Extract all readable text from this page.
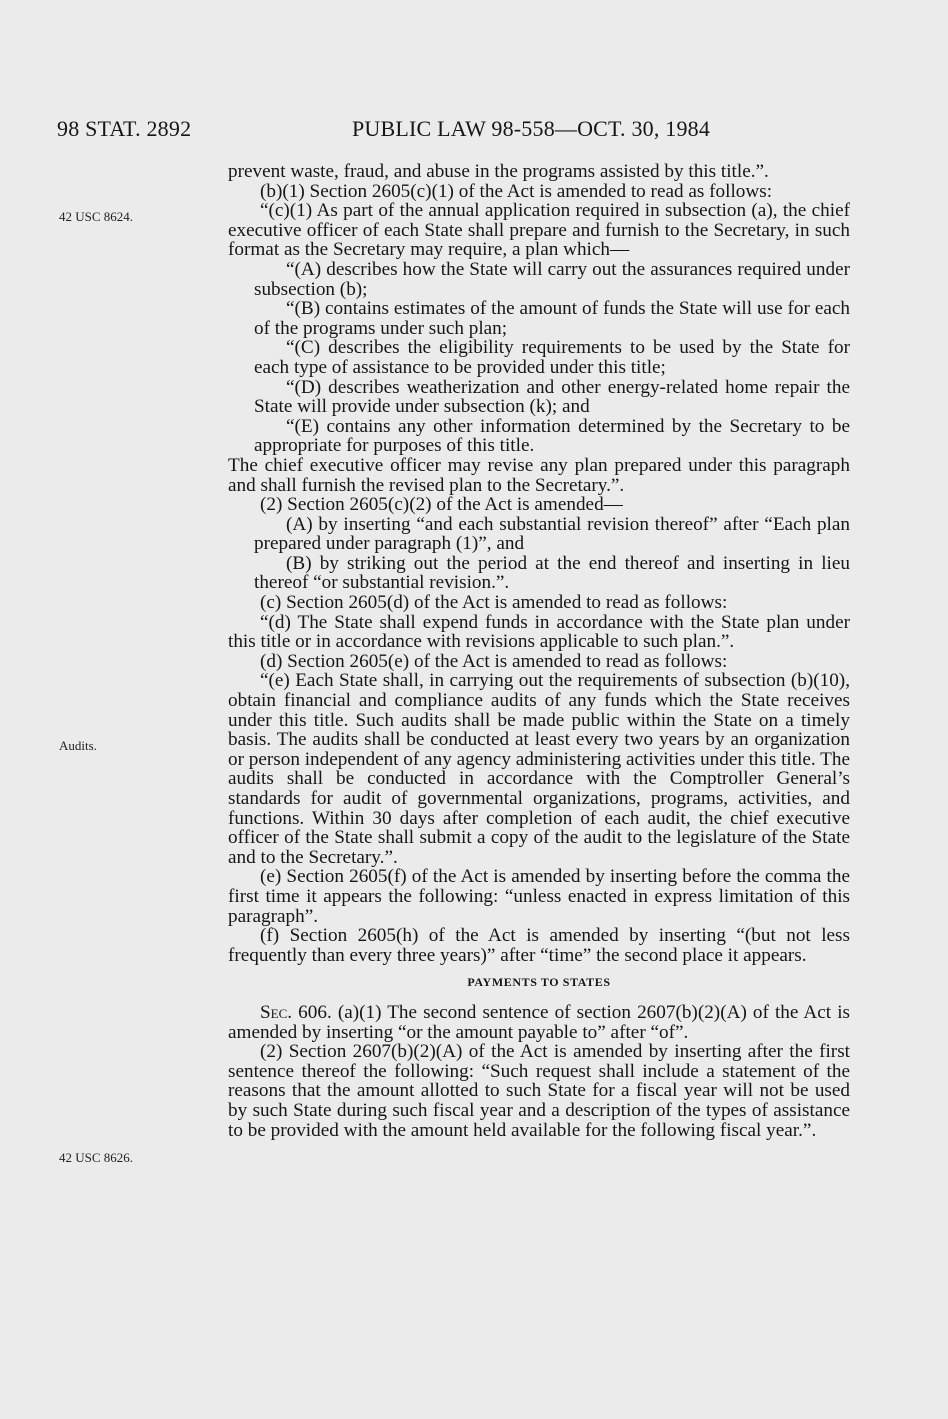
98 STAT. 2892	PUBLIC LAW 98-558—OCT. 30, 1984
42 USC 8624.
Audits.
42 USC 8626.

prevent waste, fraud, and abuse in the programs assisted by this title.”.

(b)(1) Section 2605(c)(1) of the Act is amended to read as follows:

“(c)(1) As part of the annual application required in subsection (a), the chief executive officer of each State shall prepare and furnish to the Secretary, in such format as the Secretary may require, a plan which—

“(A) describes how the State will carry out the assurances required under subsection (b);

“(B) contains estimates of the amount of funds the State will use for each of the programs under such plan;

“(C) describes the eligibility requirements to be used by the State for each type of assistance to be provided under this title;

“(D) describes weatherization and other energy-related home repair the State will provide under subsection (k); and

“(E) contains any other information determined by the Secretary to be appropriate for purposes of this title.

The chief executive officer may revise any plan prepared under this paragraph and shall furnish the revised plan to the Secretary.”.

(2) Section 2605(c)(2) of the Act is amended—

(A) by inserting “and each substantial revision thereof” after “Each plan prepared under paragraph (1)”, and

(B) by striking out the period at the end thereof and inserting in lieu thereof “or substantial revision.”.

(c) Section 2605(d) of the Act is amended to read as follows:

“(d) The State shall expend funds in accordance with the State plan under this title or in accordance with revisions applicable to such plan.”.

(d) Section 2605(e) of the Act is amended to read as follows:

“(e) Each State shall, in carrying out the requirements of subsection (b)(10), obtain financial and compliance audits of any funds which the State receives under this title. Such audits shall be made public within the State on a timely basis. The audits shall be conducted at least every two years by an organization or person independent of any agency administering activities under this title. The audits shall be conducted in accordance with the Comptroller General’s standards for audit of governmental organizations, programs, activities, and functions. Within 30 days after completion of each audit, the chief executive officer of the State shall submit a copy of the audit to the legislature of the State and to the Secretary.”.

(e) Section 2605(f) of the Act is amended by inserting before the comma the first time it appears the following: “unless enacted in express limitation of this paragraph”.

(f) Section 2605(h) of the Act is amended by inserting “(but not less frequently than every three years)” after “time” the second place it appears.

PAYMENTS TO STATES

Sec. 606. (a)(1) The second sentence of section 2607(b)(2)(A) of the Act is amended by inserting “or the amount payable to” after “of”.

(2) Section 2607(b)(2)(A) of the Act is amended by inserting after the first sentence thereof the following: “Such request shall include a statement of the reasons that the amount allotted to such State for a fiscal year will not be used by such State during such fiscal year and a description of the types of assistance to be provided with the amount held available for the following fiscal year.”.
